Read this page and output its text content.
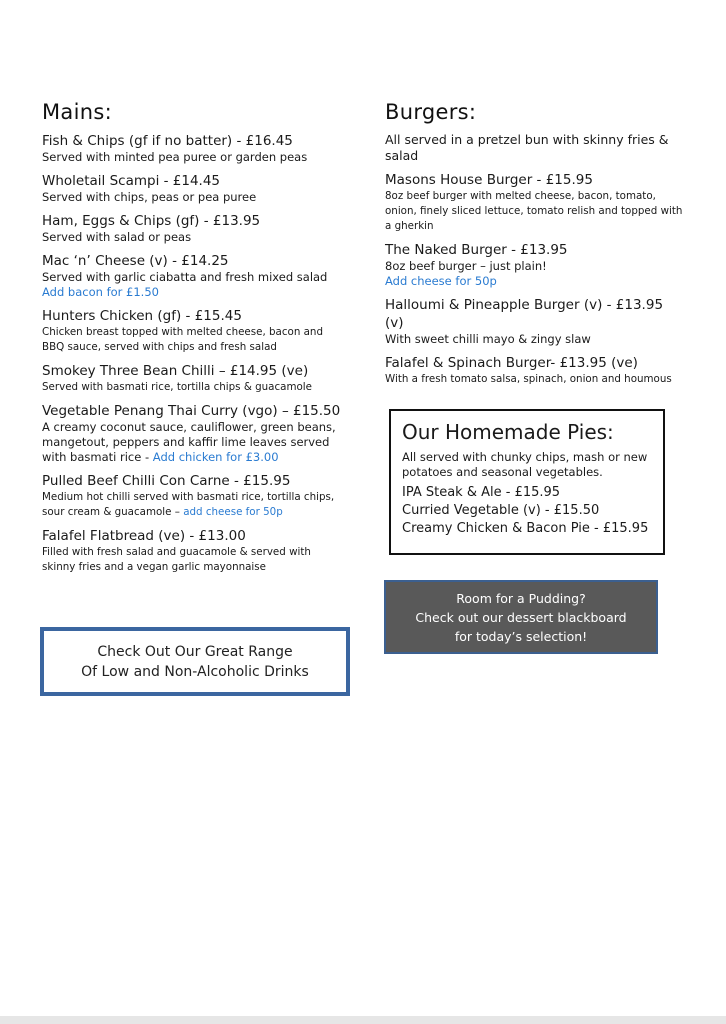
Mains:
Fish & Chips (gf if no batter) - £16.45
Served with minted pea puree or garden peas
Wholetail Scampi - £14.45
Served with chips, peas or pea puree
Ham, Eggs & Chips (gf) - £13.95
Served with salad or peas
Mac ‘n’ Cheese (v) - £14.25
Served with garlic ciabatta and fresh mixed salad
Add bacon for £1.50
Hunters Chicken (gf) - £15.45
Chicken breast topped with melted cheese, bacon and BBQ sauce, served with chips and fresh salad
Smokey Three Bean Chilli – £14.95 (ve)
Served with basmati rice, tortilla chips & guacamole
Vegetable Penang Thai Curry (vgo) – £15.50
A creamy coconut sauce, cauliflower, green beans, mangetout, peppers and kaffir lime leaves served with basmati rice - Add chicken for £3.00
Pulled Beef Chilli Con Carne - £15.95
Medium hot chilli served with basmati rice, tortilla chips, sour cream & guacamole – add cheese for 50p
Falafel Flatbread (ve) - £13.00
Filled with fresh salad and guacamole & served with skinny fries and a vegan garlic mayonnaise
Check Out Our Great Range
Of Low and Non-Alcoholic Drinks
Burgers:
All served in a pretzel bun with skinny fries & salad
Masons House Burger - £15.95
8oz beef burger with melted cheese, bacon, tomato, onion, finely sliced lettuce, tomato relish and topped with a gherkin
The Naked Burger - £13.95
8oz beef burger – just plain!
Add cheese for 50p
Halloumi & Pineapple Burger (v) - £13.95 (v)
With sweet chilli mayo & zingy slaw
Falafel & Spinach Burger- £13.95 (ve)
With a fresh tomato salsa, spinach, onion and houmous
Our Homemade Pies:
All served with chunky chips, mash or new potatoes and seasonal vegetables.
IPA Steak & Ale - £15.95
Curried Vegetable (v) - £15.50
Creamy Chicken & Bacon Pie - £15.95
Room for a Pudding?
Check out our dessert blackboard
for today’s selection!
